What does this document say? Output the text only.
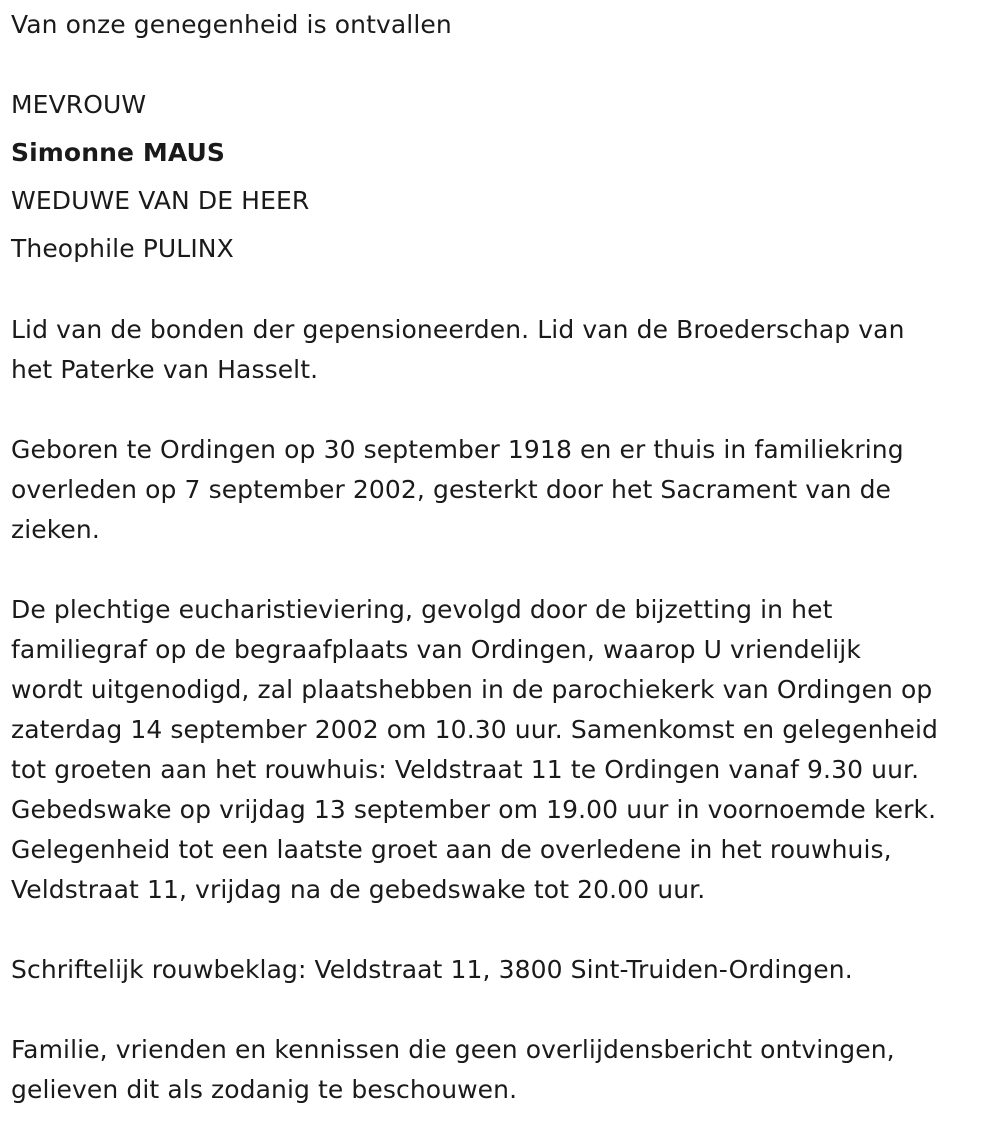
Van onze genegenheid is ontvallen
MEVROUW
Simonne MAUS
WEDUWE VAN DE HEER
Theophile PULINX
Lid van de bonden der gepensioneerden. Lid van de Broederschap van
het Paterke van Hasselt.
Geboren te Ordingen op 30 september 1918 en er thuis in familiekring
overleden op 7 september 2002, gesterkt door het Sacrament van de
zieken.
De plechtige eucharistieviering, gevolgd door de bijzetting in het
familiegraf op de begraafplaats van Ordingen, waarop U vriendelijk
wordt uitgenodigd, zal plaatshebben in de parochiekerk van Ordingen op
zaterdag 14 september 2002 om 10.30 uur. Samenkomst en gelegenheid
tot groeten aan het rouwhuis: Veldstraat 11 te Ordingen vanaf 9.30 uur.
Gebedswake op vrijdag 13 september om 19.00 uur in voornoemde kerk.
Gelegenheid tot een laatste groet aan de overledene in het rouwhuis,
Veldstraat 11, vrijdag na de gebedswake tot 20.00 uur.
Schriftelijk rouwbeklag: Veldstraat 11, 3800 Sint-Truiden-Ordingen.
Familie, vrienden en kennissen die geen overlijdensbericht ontvingen,
gelieven dit als zodanig te beschouwen.
